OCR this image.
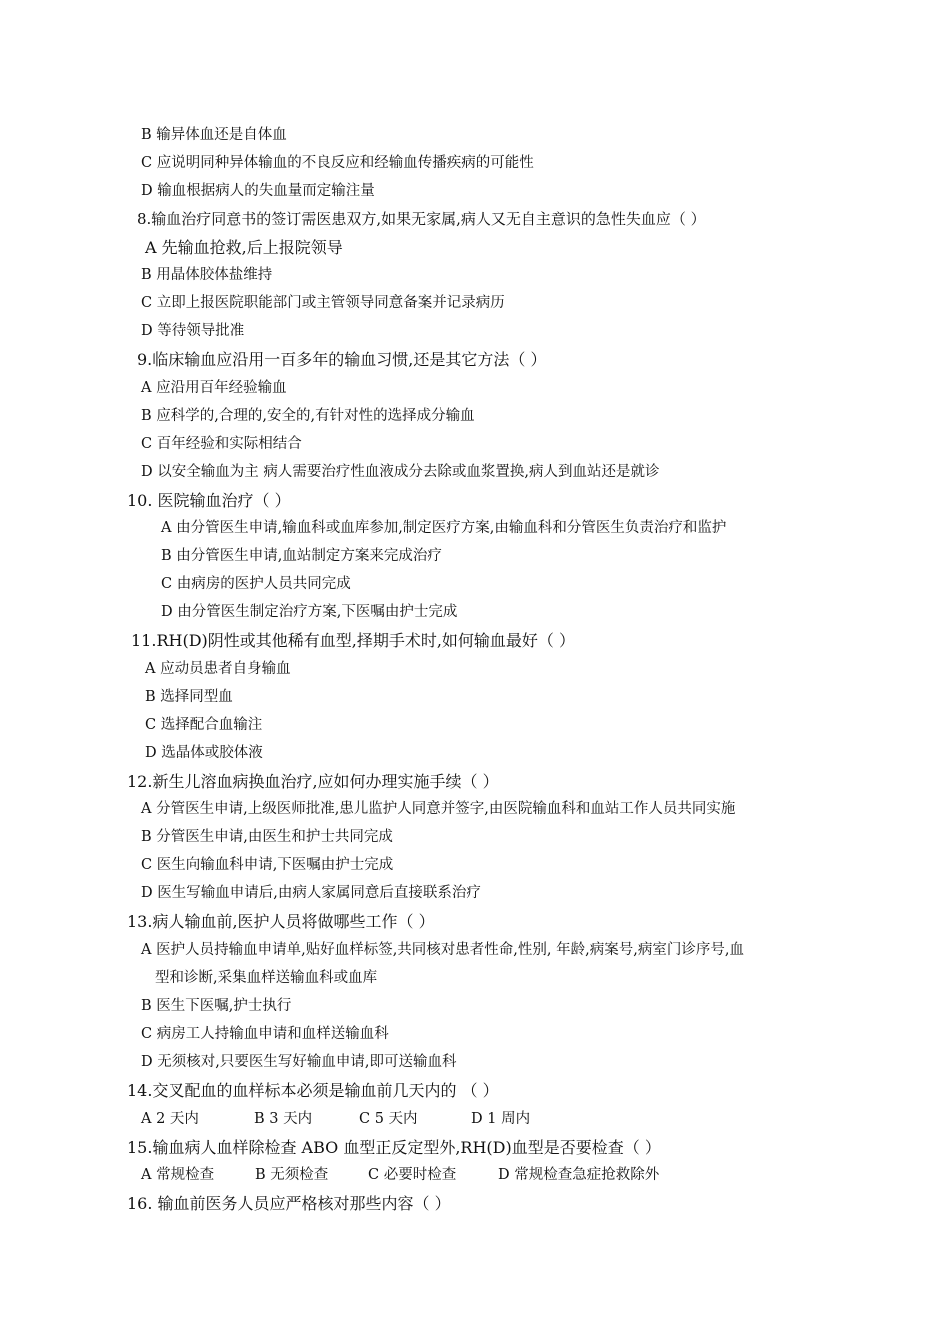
B 输异体血还是自体血
C 应说明同种异体输血的不良反应和经输血传播疾病的可能性
D 输血根据病人的失血量而定输注量
8.输血治疗同意书的签订需医患双方,如果无家属,病人又无自主意识的急性失血应（ ）
A 先输血抢救,后上报院领导
B 用晶体胶体盐维持
C 立即上报医院职能部门或主管领导同意备案并记录病历
D 等待领导批准
9.临床输血应沿用一百多年的输血习惯,还是其它方法（ ）
A 应沿用百年经验输血
B 应科学的,合理的,安全的,有针对性的选择成分输血
C 百年经验和实际相结合
D 以安全输血为主 病人需要治疗性血液成分去除或血浆置换,病人到血站还是就诊
10. 医院输血治疗（ ）
A 由分管医生申请,输血科或血库参加,制定医疗方案,由输血科和分管医生负责治疗和监护
B 由分管医生申请,血站制定方案来完成治疗
C 由病房的医护人员共同完成
D 由分管医生制定治疗方案,下医嘱由护士完成
11.RH(D)阴性或其他稀有血型,择期手术时,如何输血最好（ ）
A 应动员患者自身输血
B 选择同型血
C 选择配合血输注
D 选晶体或胶体液
12.新生儿溶血病换血治疗,应如何办理实施手续（ ）
A 分管医生申请,上级医师批准,患儿监护人同意并签字,由医院输血科和血站工作人员共同实施
B 分管医生申请,由医生和护士共同完成
C 医生向输血科申请,下医嘱由护士完成
D 医生写输血申请后,由病人家属同意后直接联系治疗
13.病人输血前,医护人员将做哪些工作（ ）
A 医护人员持输血申请单,贴好血样标签,共同核对患者性命,性别, 年龄,病案号,病室门诊序号,血
型和诊断,采集血样送输血科或血库
B 医生下医嘱,护士执行
C 病房工人持输血申请和血样送输血科
D 无须核对,只要医生写好输血申请,即可送输血科
14.交叉配血的血样标本必须是输血前几天内的 （ ）
A 2 天内	B 3 天内	C 5 天内	D 1 周内
15.输血病人血样除检查 ABO 血型正反定型外,RH(D)血型是否要检查（ ）
A 常规检查	B 无须检查	C 必要时检查	D 常规检查急症抢救除外
16. 输血前医务人员应严格核对那些内容（ ）
